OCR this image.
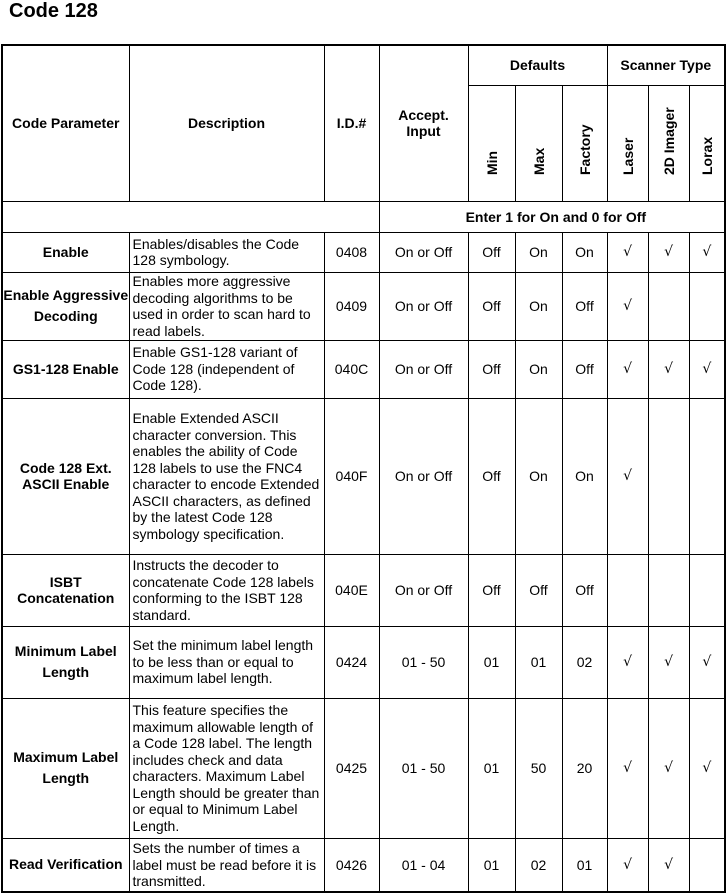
Code 128
Code Parameter	Description	I.D.#	Accept. Input	Defaults			Scanner Type		

				Min	Max	Factory	Laser	2D Imager	Lorax

			Enter 1 for On and 0 for Off						
Enable	Enables/disables the Code 128 symbology.	0408	On or Off	Off	On	On	√	√	√
Enable Aggressive Decoding	Enables more aggressive decoding algorithms to be used in order to scan hard to read labels.	0409	On or Off	Off	On	Off	√		
GS1-128 Enable	Enable GS1-128 variant of Code 128 (independent of Code 128).	040C	On or Off	Off	On	Off	√	√	√
Code 128 Ext. ASCII Enable	Enable Extended ASCII character conversion. This enables the ability of Code 128 labels to use the FNC4 character to encode Extended ASCII characters, as defined by the latest Code 128 symbology specification.	040F	On or Off	Off	On	On	√		
ISBT Concatenation	Instructs the decoder to concatenate Code 128 labels conforming to the ISBT 128 standard.	040E	On or Off	Off	Off	Off			
Minimum Label Length	Set the minimum label length to be less than or equal to maximum label length.	0424	01 - 50	01	01	02	√	√	√
Maximum Label Length	This feature specifies the maximum allowable length of a Code 128 label. The length includes check and data characters. Maximum Label Length should be greater than or equal to Minimum Label Length.	0425	01 - 50	01	50	20	√	√	√
Read Verification	Sets the number of times a label must be read before it is transmitted.	0426	01 - 04	01	02	01	√	√	
